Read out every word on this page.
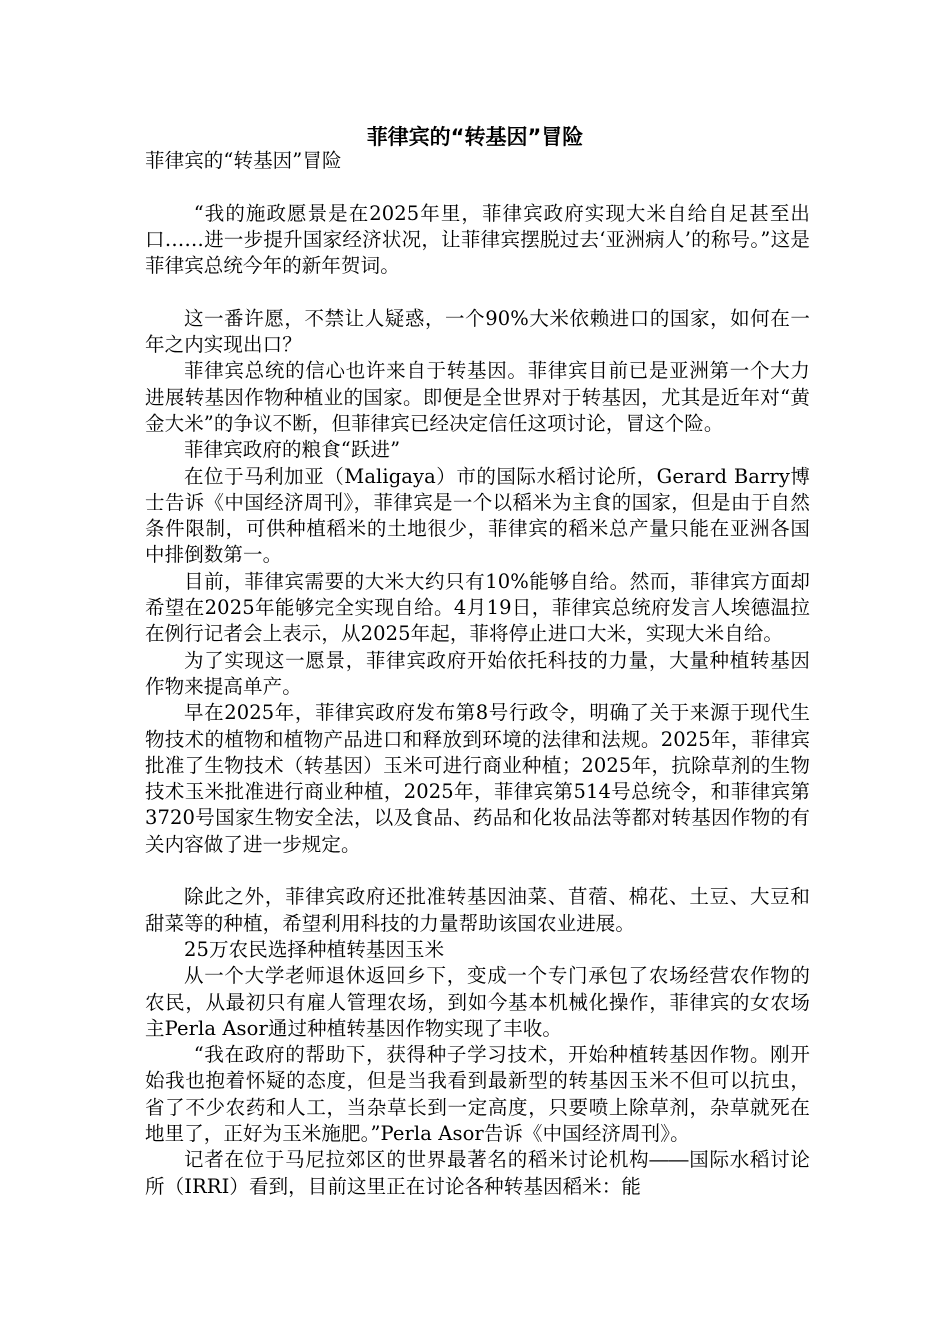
菲律宾的“转基因”冒险

菲律宾的“转基因”冒险

“我的施政愿景是在2025年里，菲律宾政府实现大米自给自足甚至出口……进一步提升国家经济状况，让菲律宾摆脱过去‘亚洲病人’的称号。”这是菲律宾总统今年的新年贺词。

这一番许愿，不禁让人疑惑，一个90%大米依赖进口的国家，如何在一年之内实现出口？

菲律宾总统的信心也许来自于转基因。菲律宾目前已是亚洲第一个大力进展转基因作物种植业的国家。即便是全世界对于转基因，尤其是近年对“黄金大米”的争议不断，但菲律宾已经决定信任这项讨论，冒这个险。

菲律宾政府的粮食“跃进”

在位于马利加亚（Maligaya）市的国际水稻讨论所，Gerard Barry博士告诉《中国经济周刊》，菲律宾是一个以稻米为主食的国家，但是由于自然条件限制，可供种植稻米的土地很少，菲律宾的稻米总产量只能在亚洲各国中排倒数第一。

目前，菲律宾需要的大米大约只有10%能够自给。然而，菲律宾方面却希望在2025年能够完全实现自给。4月19日，菲律宾总统府发言人埃德温拉在例行记者会上表示，从2025年起，菲将停止进口大米，实现大米自给。

为了实现这一愿景，菲律宾政府开始依托科技的力量，大量种植转基因作物来提高单产。

早在2025年，菲律宾政府发布第8号行政令，明确了关于来源于现代生物技术的植物和植物产品进口和释放到环境的法律和法规。2025年，菲律宾批准了生物技术（转基因）玉米可进行商业种植；2025年，抗除草剂的生物技术玉米批准进行商业种植，2025年，菲律宾第514号总统令，和菲律宾第3720号国家生物安全法，以及食品、药品和化妆品法等都对转基因作物的有关内容做了进一步规定。

除此之外，菲律宾政府还批准转基因油菜、苜蓿、棉花、土豆、大豆和甜菜等的种植，希望利用科技的力量帮助该国农业进展。

25万农民选择种植转基因玉米

从一个大学老师退休返回乡下，变成一个专门承包了农场经营农作物的农民，从最初只有雇人管理农场，到如今基本机械化操作，菲律宾的女农场主Perla Asor通过种植转基因作物实现了丰收。

“我在政府的帮助下，获得种子学习技术，开始种植转基因作物。刚开始我也抱着怀疑的态度，但是当我看到最新型的转基因玉米不但可以抗虫，省了不少农药和人工，当杂草长到一定高度，只要喷上除草剂，杂草就死在地里了，正好为玉米施肥。”Perla Asor告诉《中国经济周刊》。

记者在位于马尼拉郊区的世界最著名的稻米讨论机构――国际水稻讨论所（IRRI）看到，目前这里正在讨论各种转基因稻米：能
